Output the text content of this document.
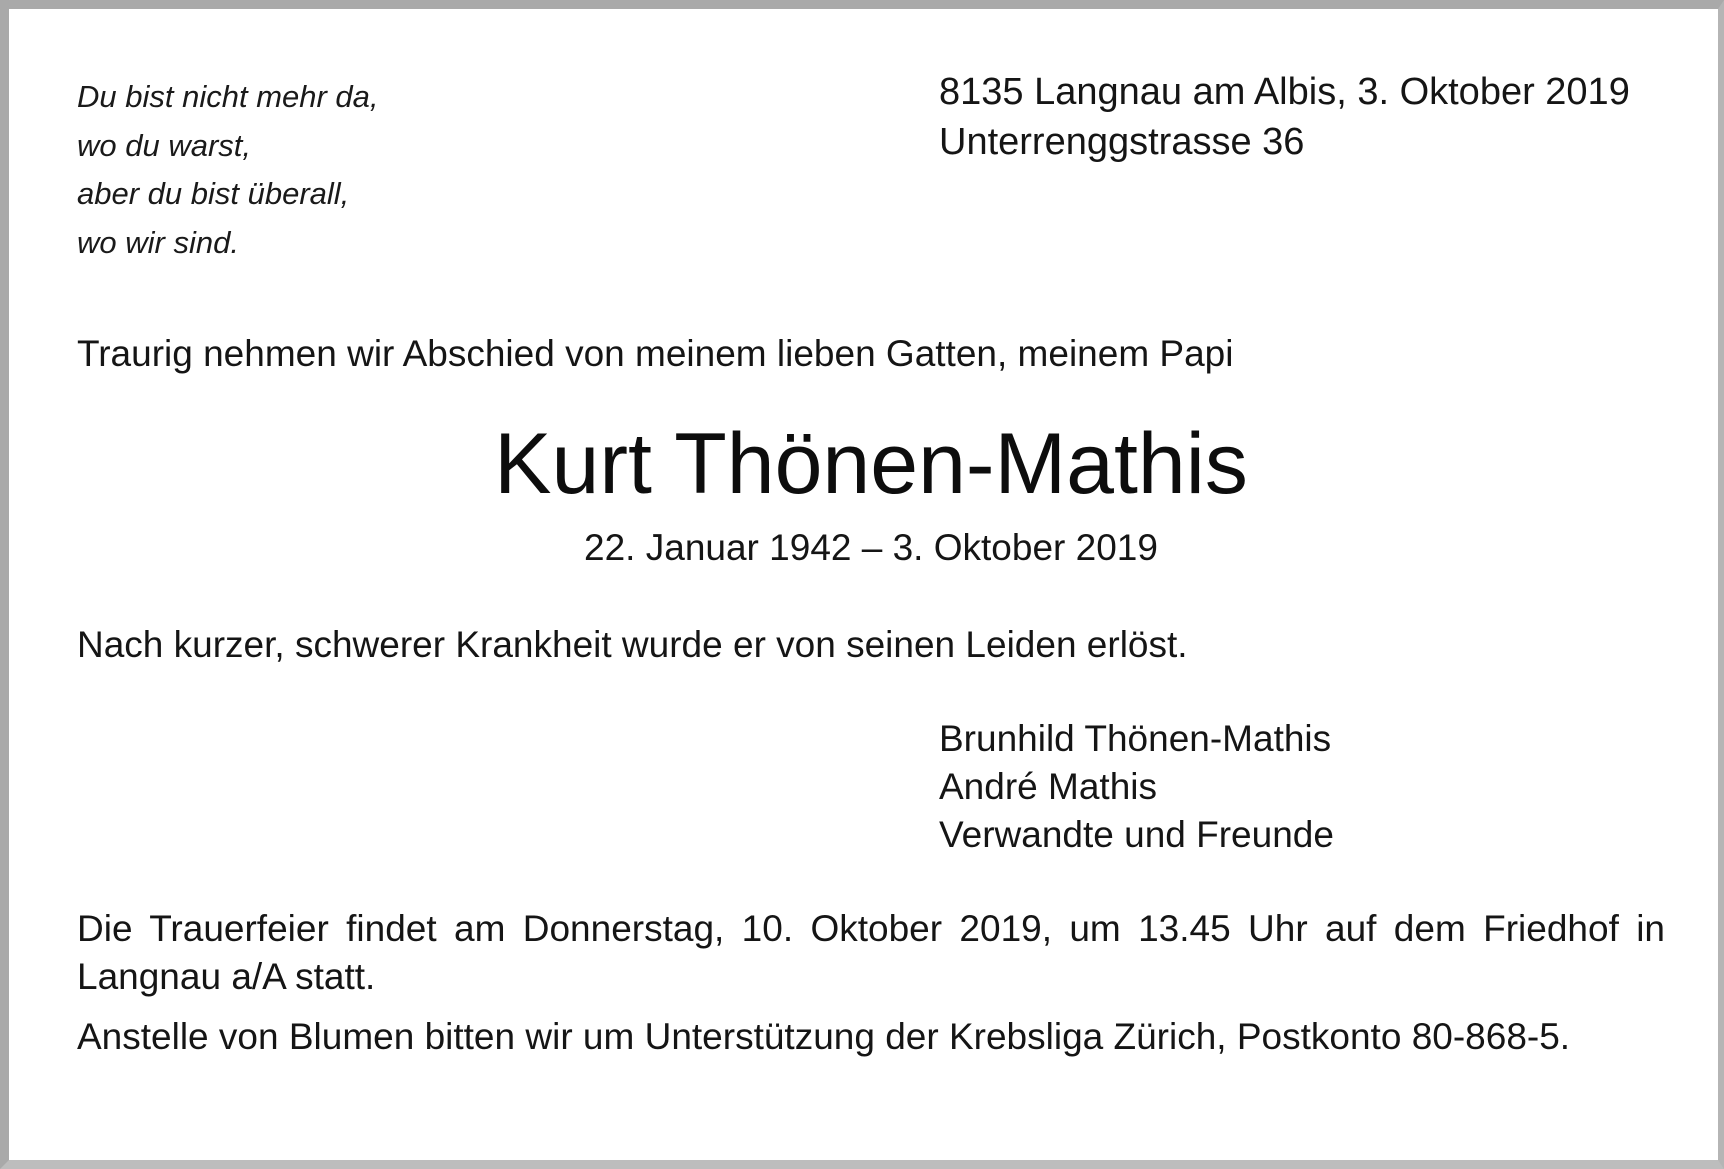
Du bist nicht mehr da,
wo du warst,
aber du bist überall,
wo wir sind.
8135 Langnau am Albis, 3. Oktober 2019
Unterrenggstrasse 36
Traurig nehmen wir Abschied von meinem lieben Gatten, meinem Papi
Kurt Thönen-Mathis
22. Januar 1942 – 3. Oktober 2019
Nach kurzer, schwerer Krankheit wurde er von seinen Leiden erlöst.
Brunhild Thönen-Mathis
André Mathis
Verwandte und Freunde
Die Trauerfeier findet am Donnerstag, 10. Oktober 2019, um 13.45 Uhr auf dem Friedhof in Langnau a/A statt.
Anstelle von Blumen bitten wir um Unterstützung der Krebsliga Zürich, Postkonto 80-868-5.
